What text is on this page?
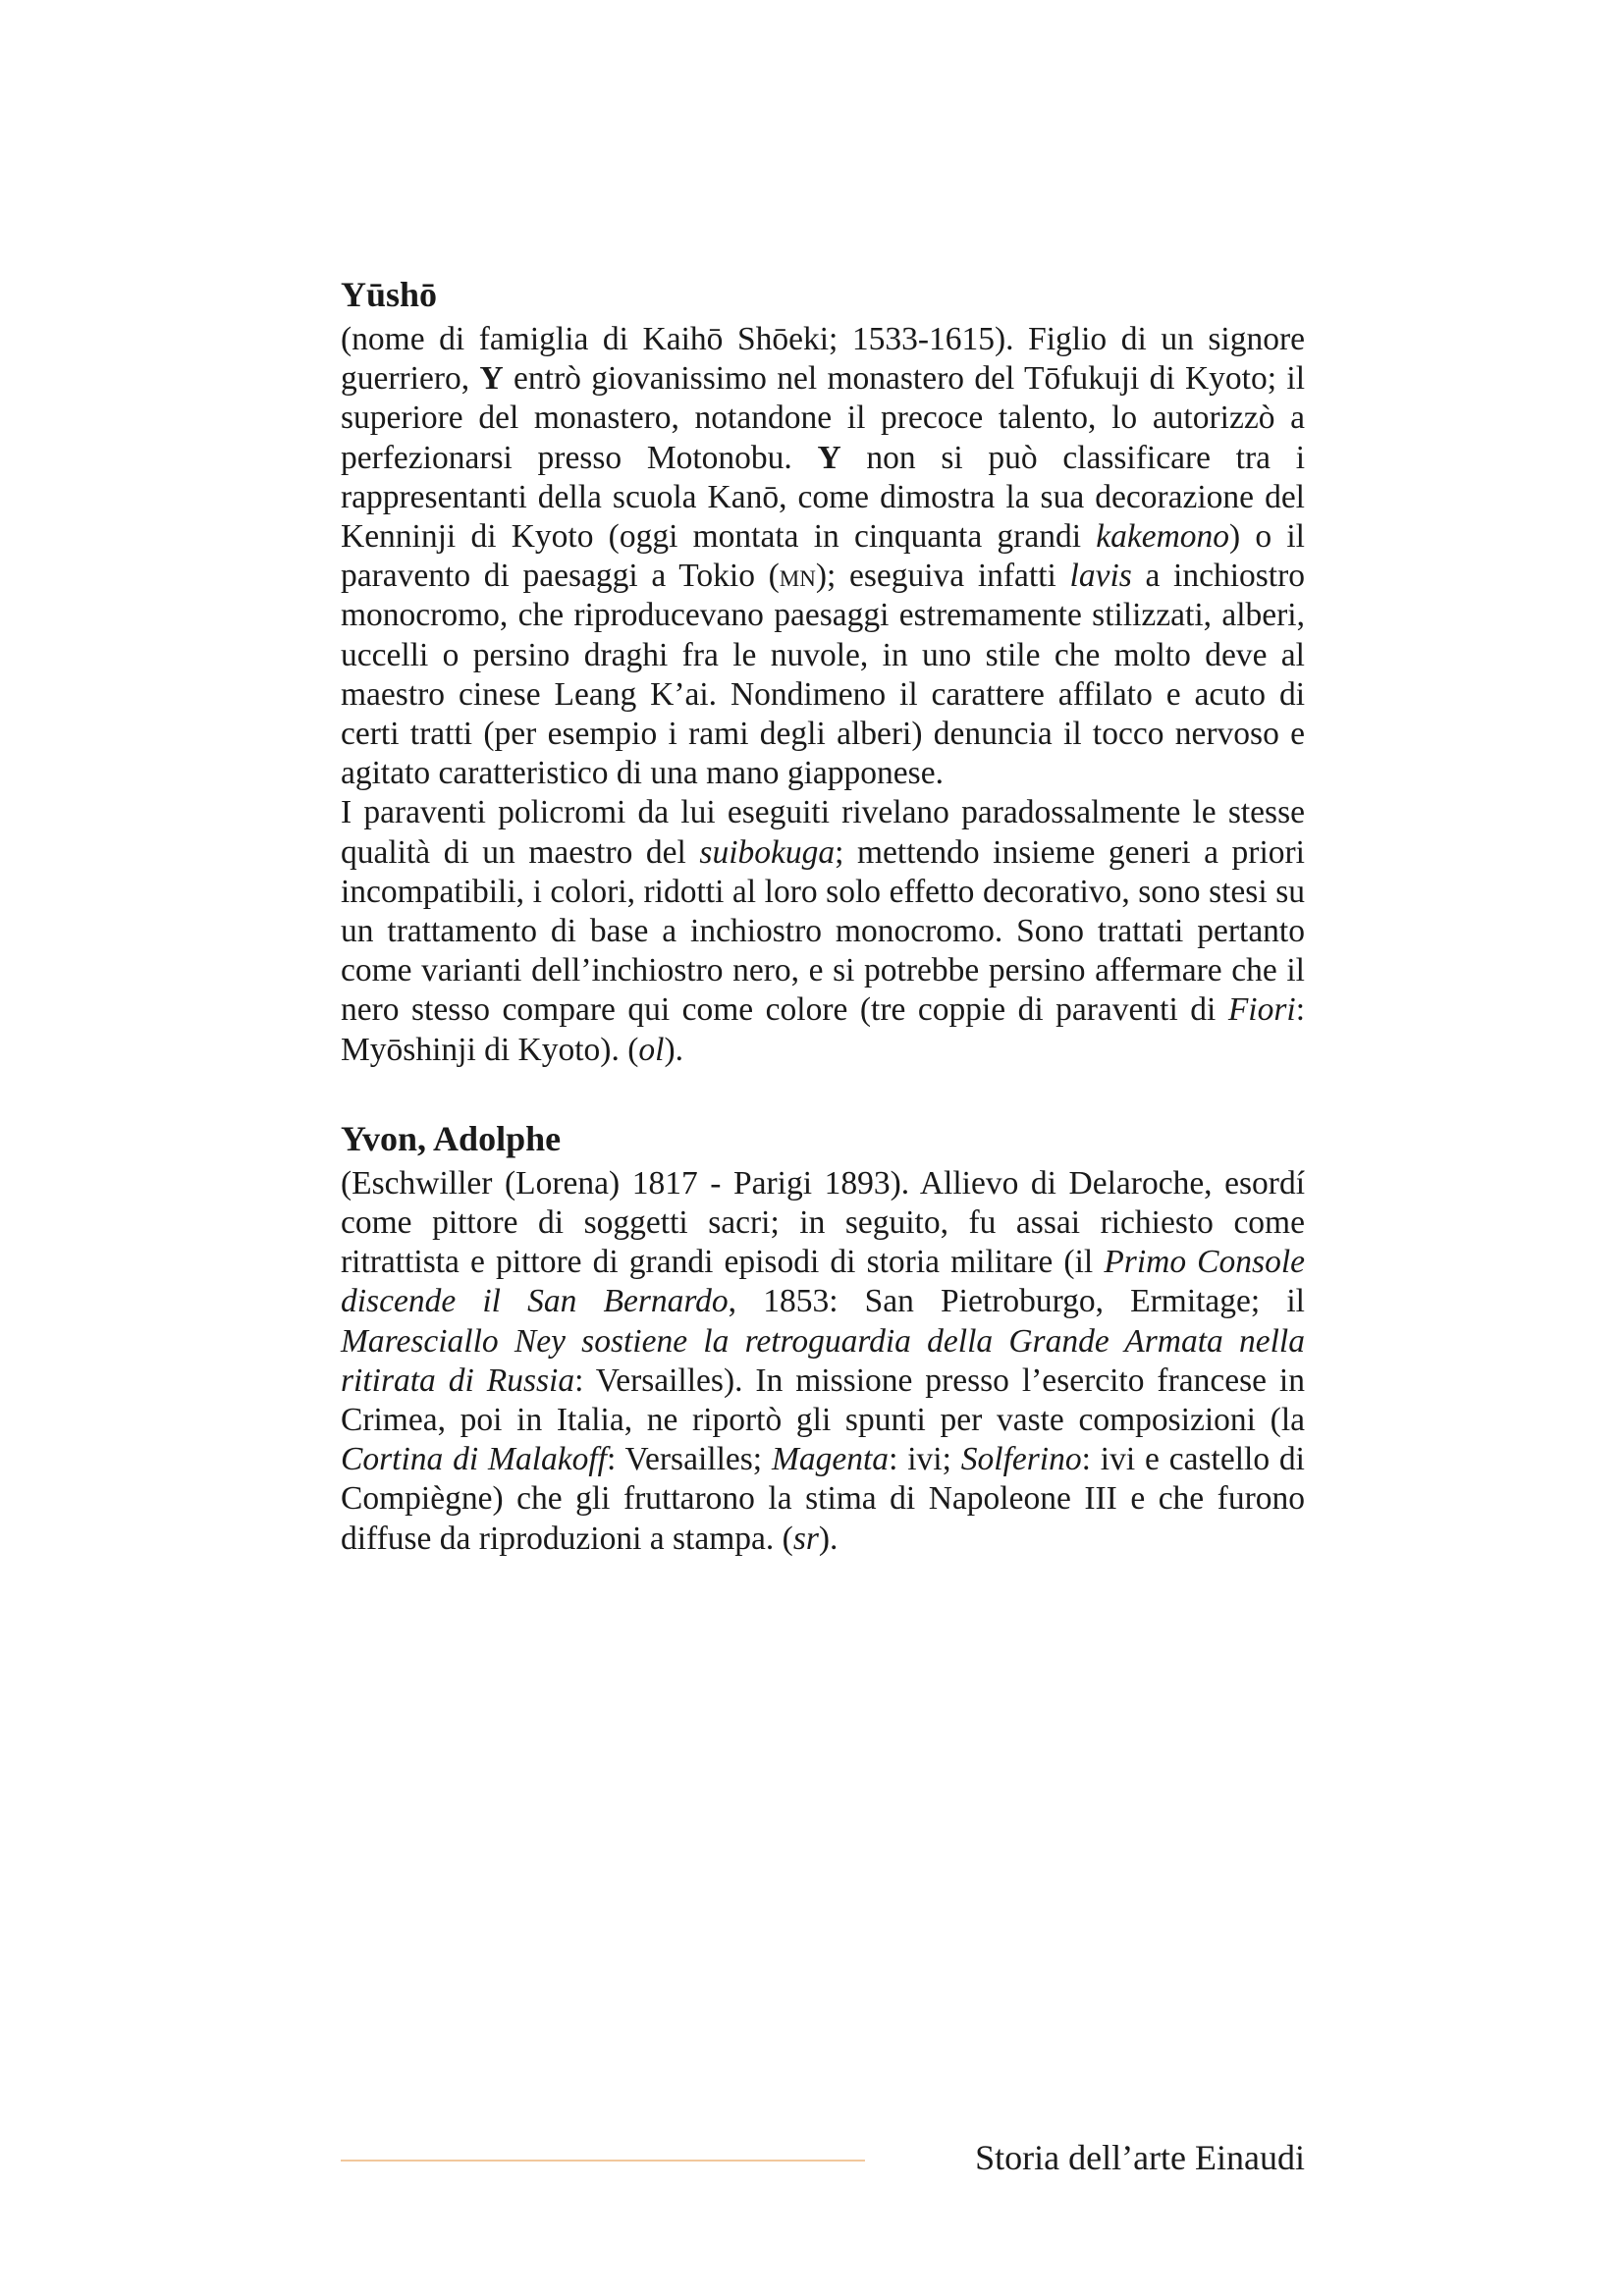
Yūshō

(nome di famiglia di Kaihō Shōeki; 1533-1615). Figlio di un signore guerriero, Y entrò giovanissimo nel monastero del Tōfukuji di Kyoto; il superiore del monastero, notandone il precoce talento, lo autorizzò a perfezionarsi presso Motonobu. Y non si può classificare tra i rappresentanti della scuola Kanō, come dimostra la sua decorazione del Kenninji di Kyoto (oggi montata in cinquanta grandi kakemono) o il paravento di paesaggi a Tokio (mn); eseguiva infatti lavis a inchiostro monocromo, che riproducevano paesaggi estremamente stilizzati, alberi, uccelli o persino draghi fra le nuvole, in uno stile che molto deve al maestro cinese Leang K’ai. Nondimeno il carattere affilato e acuto di certi tratti (per esempio i rami degli alberi) denuncia il tocco nervoso e agitato caratteristico di una mano giapponese.

I paraventi policromi da lui eseguiti rivelano paradossalmente le stesse qualità di un maestro del suibokuga; mettendo insieme generi a priori incompatibili, i colori, ridotti al loro solo effetto decorativo, sono stesi su un trattamento di base a inchiostro monocromo. Sono trattati pertanto come varianti dell’inchiostro nero, e si potrebbe persino affermare che il nero stesso compare qui come colore (tre coppie di paraventi di Fiori: Myōshinji di Kyoto). (ol).

Yvon, Adolphe

(Eschwiller (Lorena) 1817 - Parigi 1893). Allievo di Delaroche, esordí come pittore di soggetti sacri; in seguito, fu assai richiesto come ritrattista e pittore di grandi episodi di storia militare (il Primo Console discende il San Bernardo, 1853: San Pietroburgo, Ermitage; il Maresciallo Ney sostiene la retroguardia della Grande Armata nella ritirata di Russia: Versailles). In missione presso l’esercito francese in Crimea, poi in Italia, ne riportò gli spunti per vaste composizioni (la Cortina di Malakoff: Versailles; Magenta: ivi; Solferino: ivi e castello di Compiègne) che gli fruttarono la stima di Napoleone III e che furono diffuse da riproduzioni a stampa. (sr).

Storia dell’arte Einaudi
